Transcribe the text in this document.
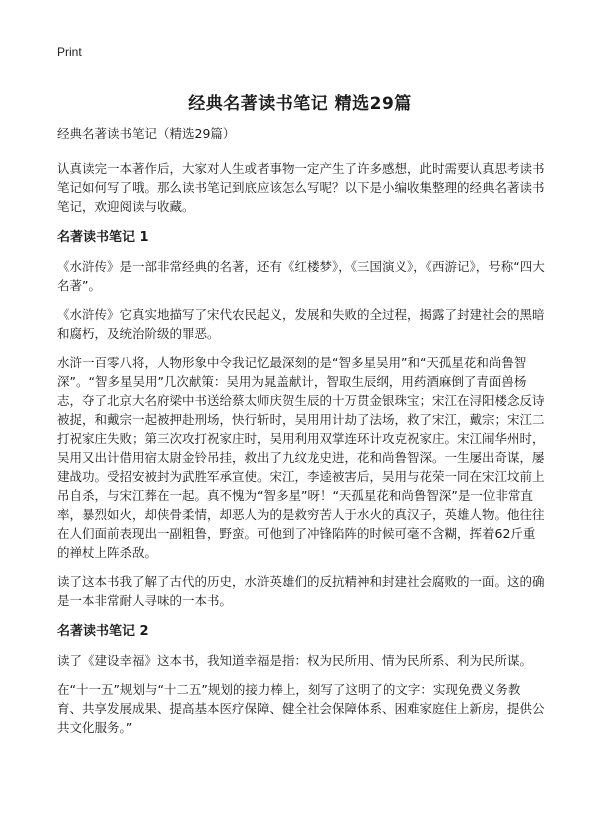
Print
经典名著读书笔记 精选29篇

经典名著读书笔记（精选29篇）

认真读完一本著作后，大家对人生或者事物一定产生了许多感想，此时需要认真思考读书笔记如何写了哦。那么读书笔记到底应该怎么写呢？以下是小编收集整理的经典名著读书笔记，欢迎阅读与收藏。

名著读书笔记 1

《水浒传》是一部非常经典的名著，还有《红楼梦》，《三国演义》，《西游记》，号称“四大名著”。

《水浒传》它真实地描写了宋代农民起义，发展和失败的全过程，揭露了封建社会的黑暗和腐朽，及统治阶级的罪恶。

水浒一百零八将，人物形象中令我记忆最深刻的是“智多星吴用”和“天孤星花和尚鲁智深”。“智多星吴用”几次献策：吴用为晁盖献计，智取生辰纲，用药酒麻倒了青面兽杨志，夺了北京大名府梁中书送给蔡太师庆贺生辰的十万贯金银珠宝；宋江在浔阳楼念反诗被捉，和戴宗一起被押赴刑场，快行斩时，吴用用计劫了法场，救了宋江，戴宗；宋江二打祝家庄失败；第三次攻打祝家庄时，吴用利用双掌连环计攻克祝家庄。宋江闹华州时，吴用又出计借用宿太尉金铃吊挂，救出了九纹龙史进，花和尚鲁智深。一生屡出奇谋，屡建战功。受招安被封为武胜军承宣使。宋江，李逵被害后，吴用与花荣一同在宋江坟前上吊自杀，与宋江葬在一起。真不愧为“智多星”呀！“天孤星花和尚鲁智深”是一位非常直率，暴烈如火，却侠骨柔情，却恶人为的是救穷苦人于水火的真汉子，英雄人物。他往往在人们面前表现出一副粗鲁，野蛮。可他到了冲锋陷阵的时候可毫不含糊，挥着62斤重的禅杖上阵杀敌。

读了这本书我了解了古代的历史，水浒英雄们的反抗精神和封建社会腐败的一面。这的确是一本非常耐人寻味的一本书。

名著读书笔记 2

读了《建设幸福》这本书，我知道幸福是指：权为民所用、情为民所系、利为民所谋。

在“十一五”规划与“十二五”规划的接力棒上，刻写了这明了的文字：实现免费义务教育、共享发展成果、提高基本医疗保障、健全社会保障体系、困难家庭住上新房，提供公共文化服务。”
